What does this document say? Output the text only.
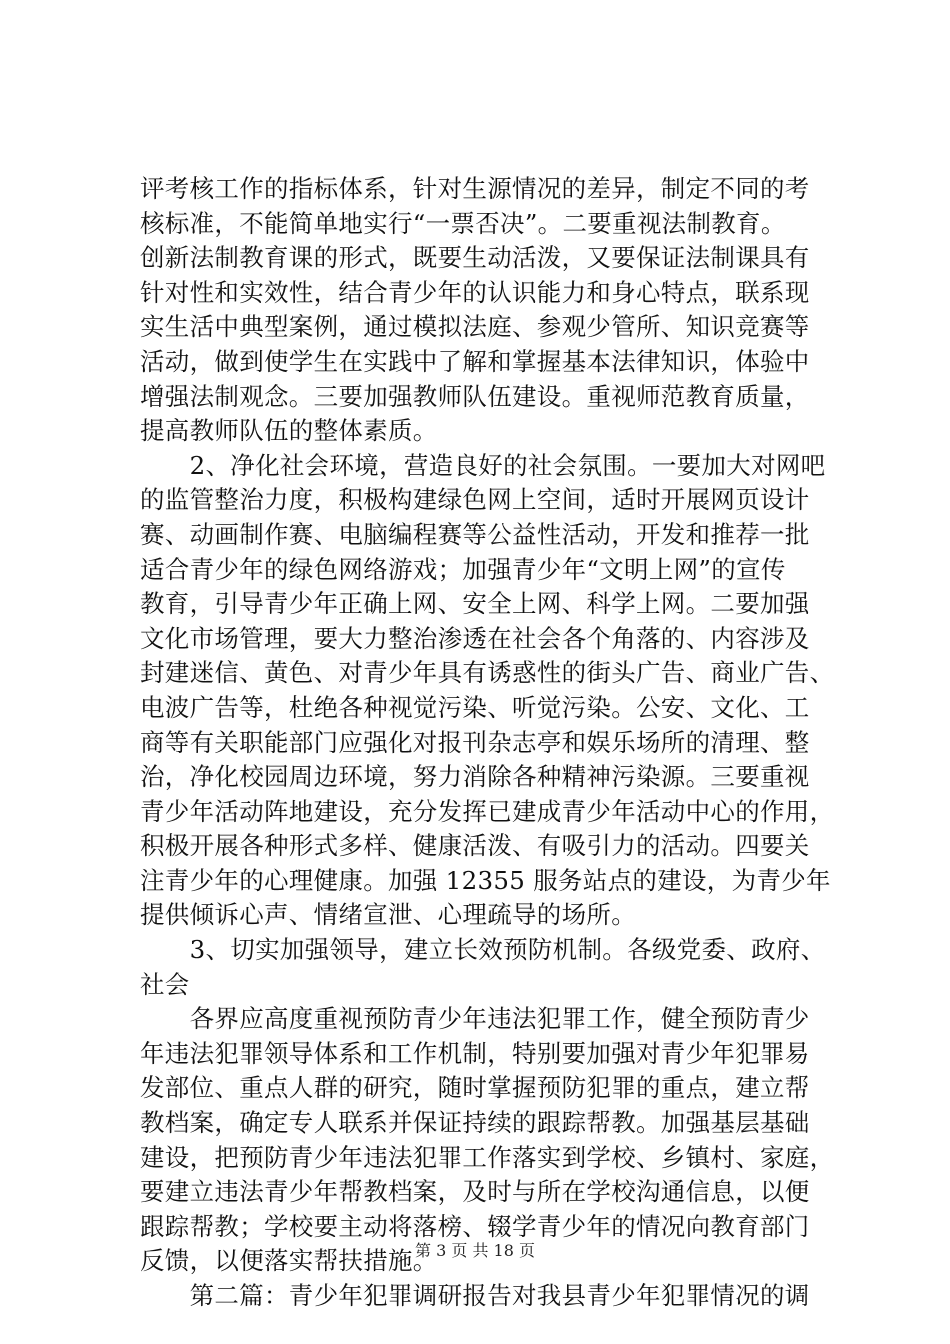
评考核工作的指标体系，针对生源情况的差异，制定不同的考
核标准，不能简单地实行“一票否决”。二要重视法制教育。
创新法制教育课的形式，既要生动活泼，又要保证法制课具有
针对性和实效性，结合青少年的认识能力和身心特点，联系现
实生活中典型案例，通过模拟法庭、参观少管所、知识竞赛等
活动，做到使学生在实践中了解和掌握基本法律知识，体验中
增强法制观念。三要加强教师队伍建设。重视师范教育质量，
提高教师队伍的整体素质。
　　2、净化社会环境，营造良好的社会氛围。一要加大对网吧
的监管整治力度，积极构建绿色网上空间，适时开展网页设计
赛、动画制作赛、电脑编程赛等公益性活动，开发和推荐一批
适合青少年的绿色网络游戏；加强青少年“文明上网”的宣传
教育，引导青少年正确上网、安全上网、科学上网。二要加强
文化市场管理，要大力整治渗透在社会各个角落的、内容涉及
封建迷信、黄色、对青少年具有诱惑性的街头广告、商业广告、
电波广告等，杜绝各种视觉污染、听觉污染。公安、文化、工
商等有关职能部门应强化对报刊杂志亭和娱乐场所的清理、整
治，净化校园周边环境，努力消除各种精神污染源。三要重视
青少年活动阵地建设，充分发挥已建成青少年活动中心的作用，
积极开展各种形式多样、健康活泼、有吸引力的活动。四要关
注青少年的心理健康。加强 12355 服务站点的建设，为青少年
提供倾诉心声、情绪宣泄、心理疏导的场所。
　　3、切实加强领导，建立长效预防机制。各级党委、政府、
社会
　　各界应高度重视预防青少年违法犯罪工作，健全预防青少
年违法犯罪领导体系和工作机制，特别要加强对青少年犯罪易
发部位、重点人群的研究，随时掌握预防犯罪的重点，建立帮
教档案，确定专人联系并保证持续的跟踪帮教。加强基层基础
建设，把预防青少年违法犯罪工作落实到学校、乡镇村、家庭，
要建立违法青少年帮教档案，及时与所在学校沟通信息，以便
跟踪帮教；学校要主动将落榜、辍学青少年的情况向教育部门
反馈，以便落实帮扶措施。
　　第二篇：青少年犯罪调研报告对我县青少年犯罪情况的调
第 3 页 共 18 页
